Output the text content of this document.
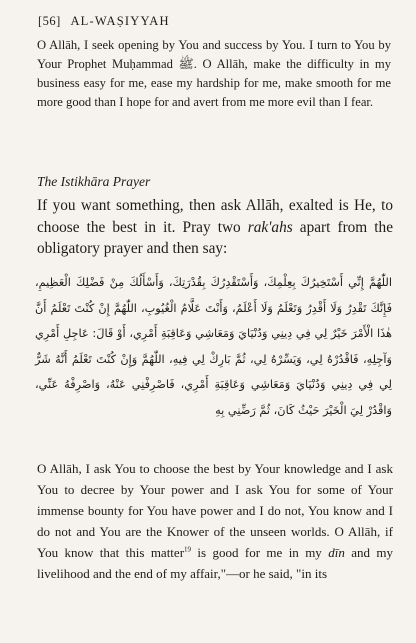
[56] AL-WAṢIYYAH

O Allāh, I seek opening by You and success by You. I turn to You by Your Prophet Muḥammad ﷺ. O Allāh, make the difficulty in my business easy for me, ease my hardship for me, make smooth for me more good than I hope for and avert from me more evil than I fear.

The Istikhāra Prayer

If you want something, then ask Allāh, exalted is He, to choose the best in it. Pray two rak'ahs apart from the obligatory prayer and then say:

اللّٰهُمَّ إِنِّي أَسْتَخِيرُكَ بِعِلْمِكَ، وَأَسْتَقْدِرُكَ بِقُدْرَتِكَ، وَأَسْأَلُكَ مِنْ فَضْلِكَ الْعَظِيمِ، فَإِنَّكَ تَقْدِرُ وَلَا أَقْدِرُ وَتَعْلَمُ وَلَا أَعْلَمُ، وَأَنْتَ عَلَّامُ الْغُيُوبِ، اللّٰهُمَّ إِنْ كُنْتَ تَعْلَمُ أَنَّ هٰذَا الْأَمْرَ خَيْرٌ لِي فِي دِينِي وَدُنْيَايَ وَمَعَاشِي وَعَاقِبَةِ أَمْرِي، أَوْ قَالَ: عَاجِلِ أَمْرِي وَآجِلِهِ، فَاقْدُرْهُ لِي، وَيَسِّرْهُ لِي، ثُمَّ بَارِكْ لِي فِيهِ، اللّٰهُمَّ وَإِنْ كُنْتَ تَعْلَمُ أَنَّهُ شَرٌّ لِي فِي دِينِي وَدُنْيَايَ وَمَعَاشِي وَعَاقِبَةِ أَمْرِي، فَاصْرِفْنِي عَنْهُ، وَاصْرِفْهُ عَنِّي، وَاقْدُرْ لِيَ الْخَيْرَ حَيْثُ كَانَ، ثُمَّ رَضِّنِي بِهِ

O Allāh, I ask You to choose the best by Your knowledge and I ask You to decree by Your power and I ask You for some of Your immense bounty for You have power and I do not, You know and I do not and You are the Knower of the unseen worlds. O Allāh, if You know that this matter$^{19}$ is good for me in my dīn and my livelihood and the end of my affair,"—or he said, "in its
